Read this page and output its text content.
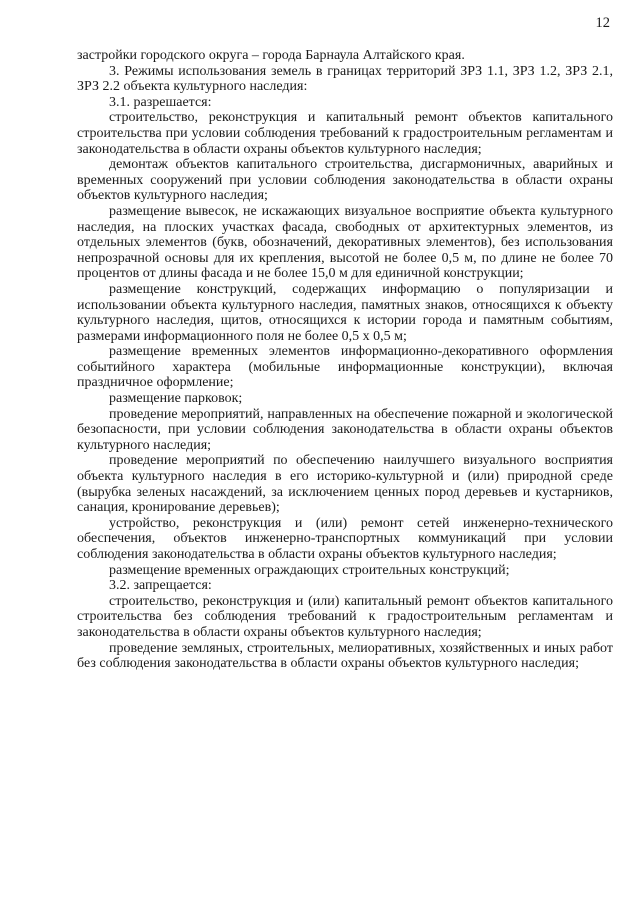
12

застройки городского округа – города Барнаула Алтайского края.

3. Режимы использования земель в границах территорий ЗРЗ 1.1, ЗРЗ 1.2, ЗРЗ 2.1, ЗРЗ 2.2 объекта культурного наследия:

3.1. разрешается:

строительство, реконструкция и капитальный ремонт объектов капитального строительства при условии соблюдения требований к градостроительным регламентам и законодательства в области охраны объектов культурного наследия;

демонтаж объектов капитального строительства, дисгармоничных, аварийных и временных сооружений при условии соблюдения законодательства в области охраны объектов культурного наследия;

размещение вывесок, не искажающих визуальное восприятие объекта культурного наследия, на плоских участках фасада, свободных от архитектурных элементов, из отдельных элементов (букв, обозначений, декоративных элементов), без использования непрозрачной основы для их крепления, высотой не более 0,5 м, по длине не более 70 процентов от длины фасада и не более 15,0 м для единичной конструкции;

размещение конструкций, содержащих информацию о популяризации и использовании объекта культурного наследия, памятных знаков, относящихся к объекту культурного наследия, щитов, относящихся к истории города и памятным событиям, размерами информационного поля не более 0,5 х 0,5 м;

размещение временных элементов информационно-декоративного оформления событийного характера (мобильные информационные конструкции), включая праздничное оформление;

размещение парковок;

проведение мероприятий, направленных на обеспечение пожарной и экологической безопасности, при условии соблюдения законодательства в области охраны объектов культурного наследия;

проведение мероприятий по обеспечению наилучшего визуального восприятия объекта культурного наследия в его историко-культурной и (или) природной среде (вырубка зеленых насаждений, за исключением ценных пород деревьев и кустарников, санация, кронирование деревьев);

устройство, реконструкция и (или) ремонт сетей инженерно-технического обеспечения, объектов инженерно-транспортных коммуникаций при условии соблюдения законодательства в области охраны объектов культурного наследия;

размещение временных ограждающих строительных конструкций;

3.2. запрещается:

строительство, реконструкция и (или) капитальный ремонт объектов капитального строительства без соблюдения требований к градостроительным регламентам и законодательства в области охраны объектов культурного наследия;

проведение земляных, строительных, мелиоративных, хозяйственных и иных работ без соблюдения законодательства в области охраны объектов культурного наследия;
